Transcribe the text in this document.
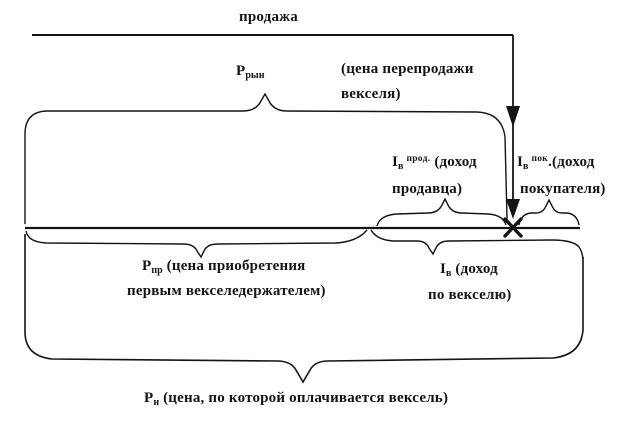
продажа
$Р_{рын}$	(цена перепродажи
векселя)
$I_в^{прод.}$ (доход
продавца)
$I_в^{пок}.(доход$
покупателя)
$Р_{пр}$ (цена приобретения
первым векселедержателем)
$I_в$ (доход
по векселю)
$Р_н$ (цена, по которой оплачивается вексель)
